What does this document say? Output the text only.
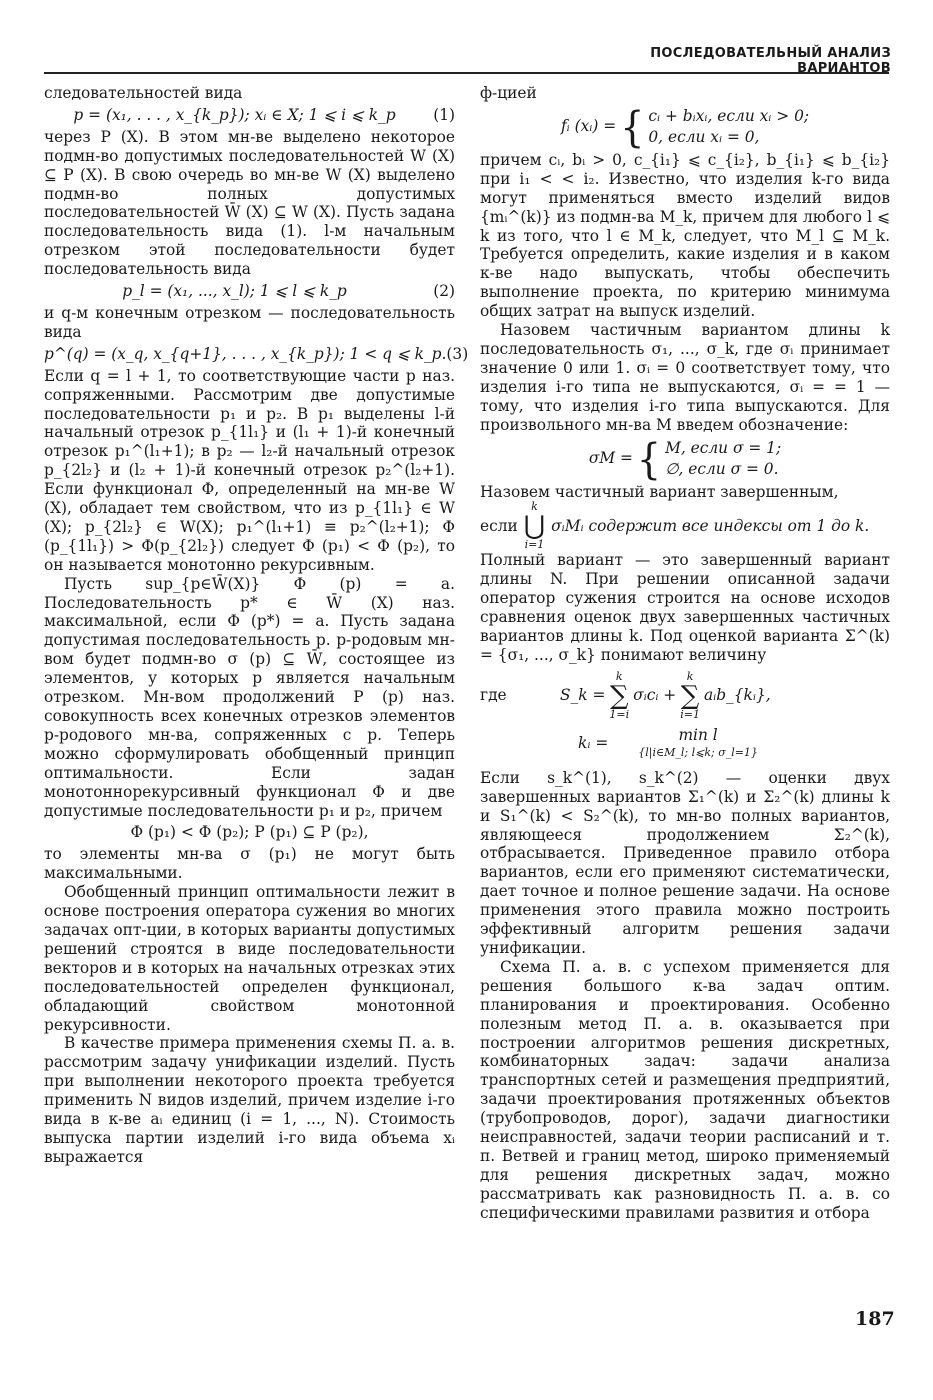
ПОСЛЕДОВАТЕЛЬНЫЙ АНАЛИЗ ВАРИАНТОВ

следовательностей вида

p = (x₁, . . . , x_{k_p}); xᵢ ∈ X; 1 ⩽ i ⩽ k_p	(1)

через P (X). В этом мн-ве выделено некоторое подмн-во допустимых последовательностей W (X) ⊆ P (X). В свою очередь во мн-ве W (X) выделено подмн-во полных допустимых последовательностей W̄ (X) ⊆ W (X). Пусть задана последовательность вида (1). l-м начальным отрезком этой последовательности будет последовательность вида

p_l = (x₁, ..., x_l); 1 ⩽ l ⩽ k_p	(2)

и q-м конечным отрезком — последовательность вида

p^(q) = (x_q, x_{q+1}, . . . , x_{k_p}); 1 < q ⩽ k_p. (3)

Если q = l + 1, то соответствующие части p наз. сопряженными. Рассмотрим две допустимые последовательности p₁ и p₂. В p₁ выделены l-й начальный отрезок p_{1l₁} и (l₁ + 1)-й конечный отрезок p₁^(l₁+1); в p₂ — l₂-й начальный отрезок p_{2l₂} и (l₂ + 1)-й конечный отрезок p₂^(l₂+1). Если функционал Φ, определенный на мн-ве W (X), обладает тем свойством, что из p_{1l₁} ∈ W (X); p_{2l₂} ∈ W(X); p₁^(l₁+1) ≡ p₂^(l₂+1); Φ (p_{1l₁}) > Φ(p_{2l₂}) следует Φ (p₁) < Φ (p₂), то он называется монотонно рекурсивным.

Пусть sup_{p∈W̄(X)} Φ (p) = a. Последовательность p* ∈ W̄ (X) наз. максимальной, если Φ (p*) = a. Пусть задана допустимая последовательность p. p-родовым мн-вом будет подмн-во σ (p) ⊆ W̄, состоящее из элементов, у которых p является начальным отрезком. Мн-вом продолжений P (p) наз. совокупность всех конечных отрезков элементов p-родового мн-ва, сопряженных с p. Теперь можно сформулировать обобщенный принцип оптимальности. Если задан монотоннорекурсивный функционал Φ и две допустимые последовательности p₁ и p₂, причем

Φ (p₁) < Φ (p₂); P (p₁) ⊆ P (p₂),

то элементы мн-ва σ (p₁) не могут быть максимальными.

Обобщенный принцип оптимальности лежит в основе построения оператора сужения во многих задачах опт-ции, в которых варианты допустимых решений строятся в виде последовательности векторов и в которых на начальных отрезках этих последовательностей определен функционал, обладающий свойством монотонной рекурсивности.

В качестве примера применения схемы П. а. в. рассмотрим задачу унификации изделий. Пусть при выполнении некоторого проекта требуется применить N видов изделий, причем изделие i-го вида в к-ве aᵢ единиц (i = 1, ..., N). Стоимость выпуска партии изделий i-го вида объема xᵢ выражается

ф-цией

fᵢ (xᵢ) = { cᵢ + bᵢxᵢ, если xᵢ > 0;
0, если xᵢ = 0,

причем cᵢ, bᵢ > 0, c_{i₁} ⩽ c_{i₂}, b_{i₁} ⩽ b_{i₂} при i₁ < < i₂. Известно, что изделия k-го вида могут применяться вместо изделий видов {mᵢ^(k)} из подмн-ва M_k, причем для любого l ⩽ k из того, что l ∈ M_k, следует, что M_l ⊆ M_k. Требуется определить, какие изделия и в каком к-ве надо выпускать, чтобы обеспечить выполнение проекта, по критерию минимума общих затрат на выпуск изделий.

Назовем частичным вариантом длины k последовательность σ₁, ..., σ_k, где σᵢ принимает значение 0 или 1. σᵢ = 0 соответствует тому, что изделия i-го типа не выпускаются, σᵢ = = 1 — тому, что изделия i-го типа выпускаются. Для произвольного мн-ва M введем обозначение:

σM = { M, если σ = 1;
∅, если σ = 0.

Назовем частичный вариант завершенным,

если
k
⋃
i=1
σᵢMᵢ содержит все индексы от 1 до k.

Полный вариант — это завершенный вариант длины N. При решении описанной задачи оператор сужения строится на основе исходов сравнения оценок двух завершенных частичных вариантов длины k. Под оценкой варианта Σ^(k) = {σ₁, ..., σ_k} понимают величину

где	S_k =
k
∑
1=i
σᵢcᵢ +
k
∑
i=1
aᵢb_{kᵢ},
kᵢ =	min l
{l|i∈M_l; l⩽k; σ_l=1}

Если s_k^(1), s_k^(2) — оценки двух завершенных вариантов Σ₁^(k) и Σ₂^(k) длины k и S₁^(k) < S₂^(k), то мн-во полных вариантов, являющееся продолжением Σ₂^(k), отбрасывается. Приведенное правило отбора вариантов, если его применяют систематически, дает точное и полное решение задачи. На основе применения этого правила можно построить эффективный алгоритм решения задачи унификации.

Схема П. а. в. с успехом применяется для решения большого к-ва задач оптим. планирования и проектирования. Особенно полезным метод П. а. в. оказывается при построении алгоритмов решения дискретных, комбинаторных задач: задачи анализа транспортных сетей и размещения предприятий, задачи проектирования протяженных объектов (трубопроводов, дорог), задачи диагностики неисправностей, задачи теории расписаний и т. п. Ветвей и границ метод, широко применяемый для решения дискретных задач, можно рассматривать как разновидность П. а. в. со специфическими правилами развития и отбора

187
